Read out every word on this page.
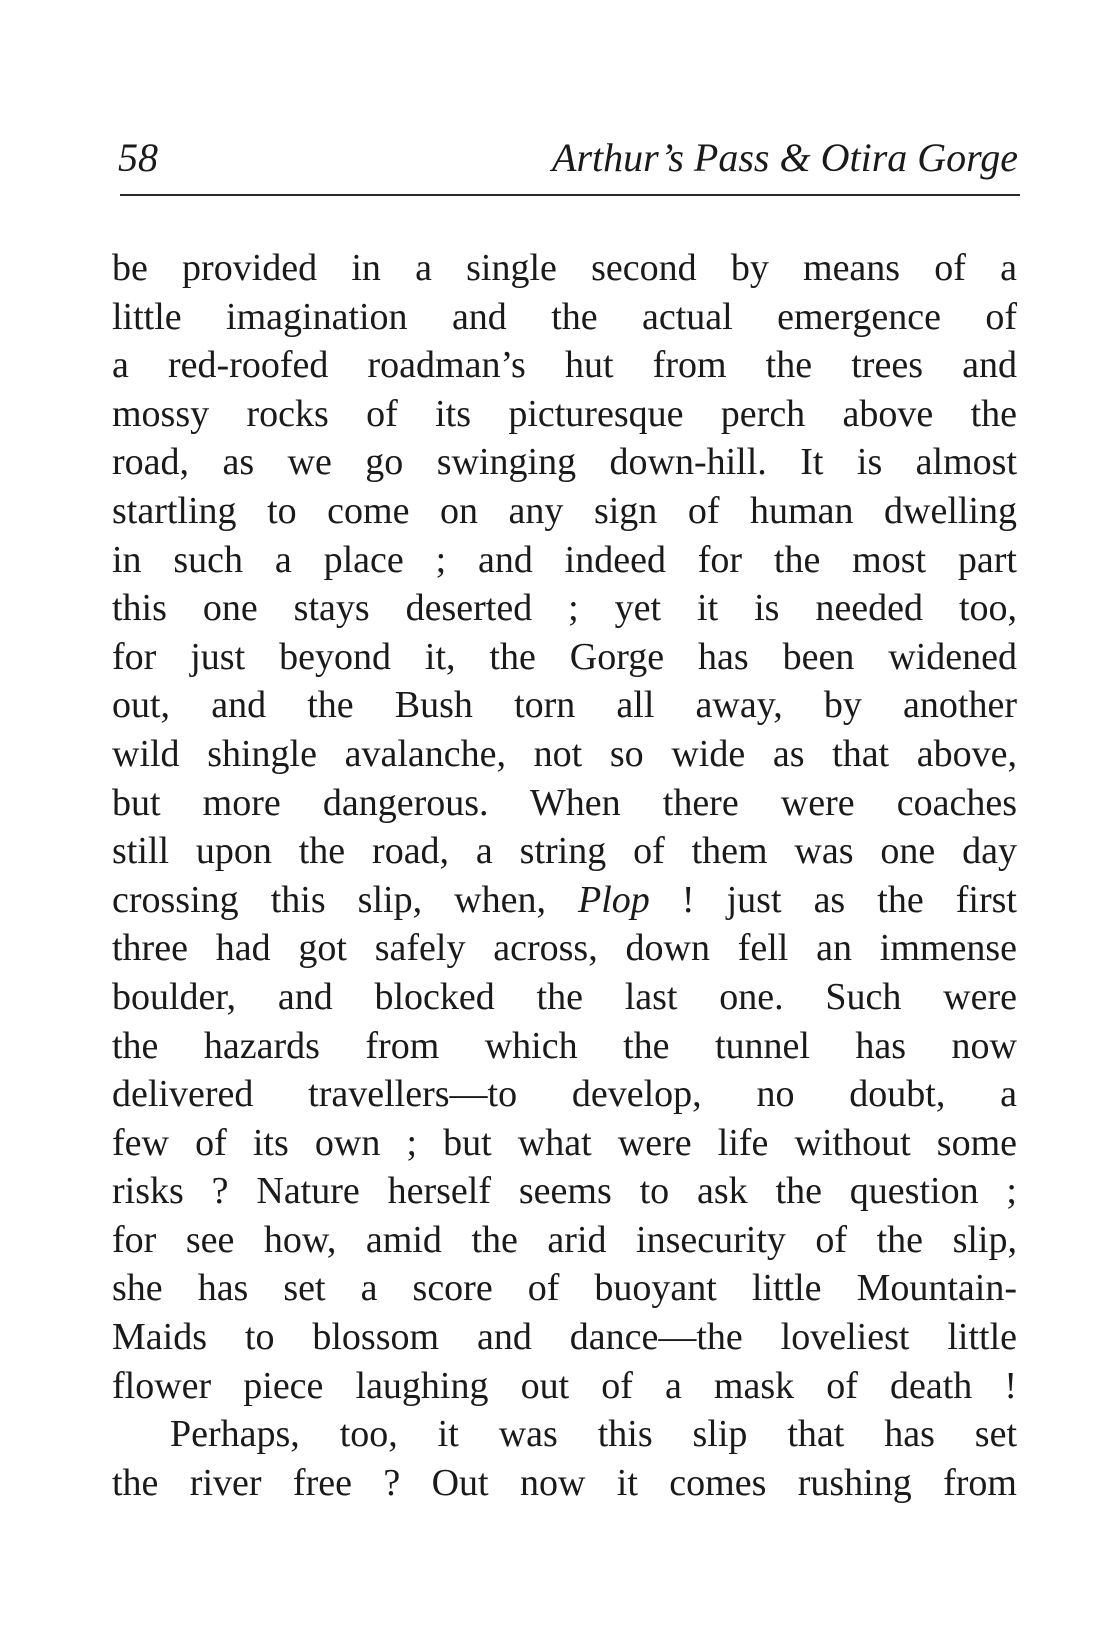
58	Arthur’s Pass & Otira Gorge
be provided in a single second by means of a
little imagination and the actual emergence of
a red-roofed roadman’s hut from the trees and
mossy rocks of its picturesque perch above the
road, as we go swinging down-hill. It is almost
startling to come on any sign of human dwelling
in such a place ; and indeed for the most part
this one stays deserted ; yet it is needed too,
for just beyond it, the Gorge has been widened
out, and the Bush torn all away, by another
wild shingle avalanche, not so wide as that above,
but more dangerous. When there were coaches
still upon the road, a string of them was one day
crossing this slip, when, Plop ! just as the first
three had got safely across, down fell an immense
boulder, and blocked the last one. Such were
the hazards from which the tunnel has now
delivered travellers—to develop, no doubt, a
few of its own ; but what were life without some
risks ? Nature herself seems to ask the question ;
for see how, amid the arid insecurity of the slip,
she has set a score of buoyant little Mountain-
Maids to blossom and dance—the loveliest little
flower piece laughing out of a mask of death !
Perhaps, too, it was this slip that has set
the river free ? Out now it comes rushing from
